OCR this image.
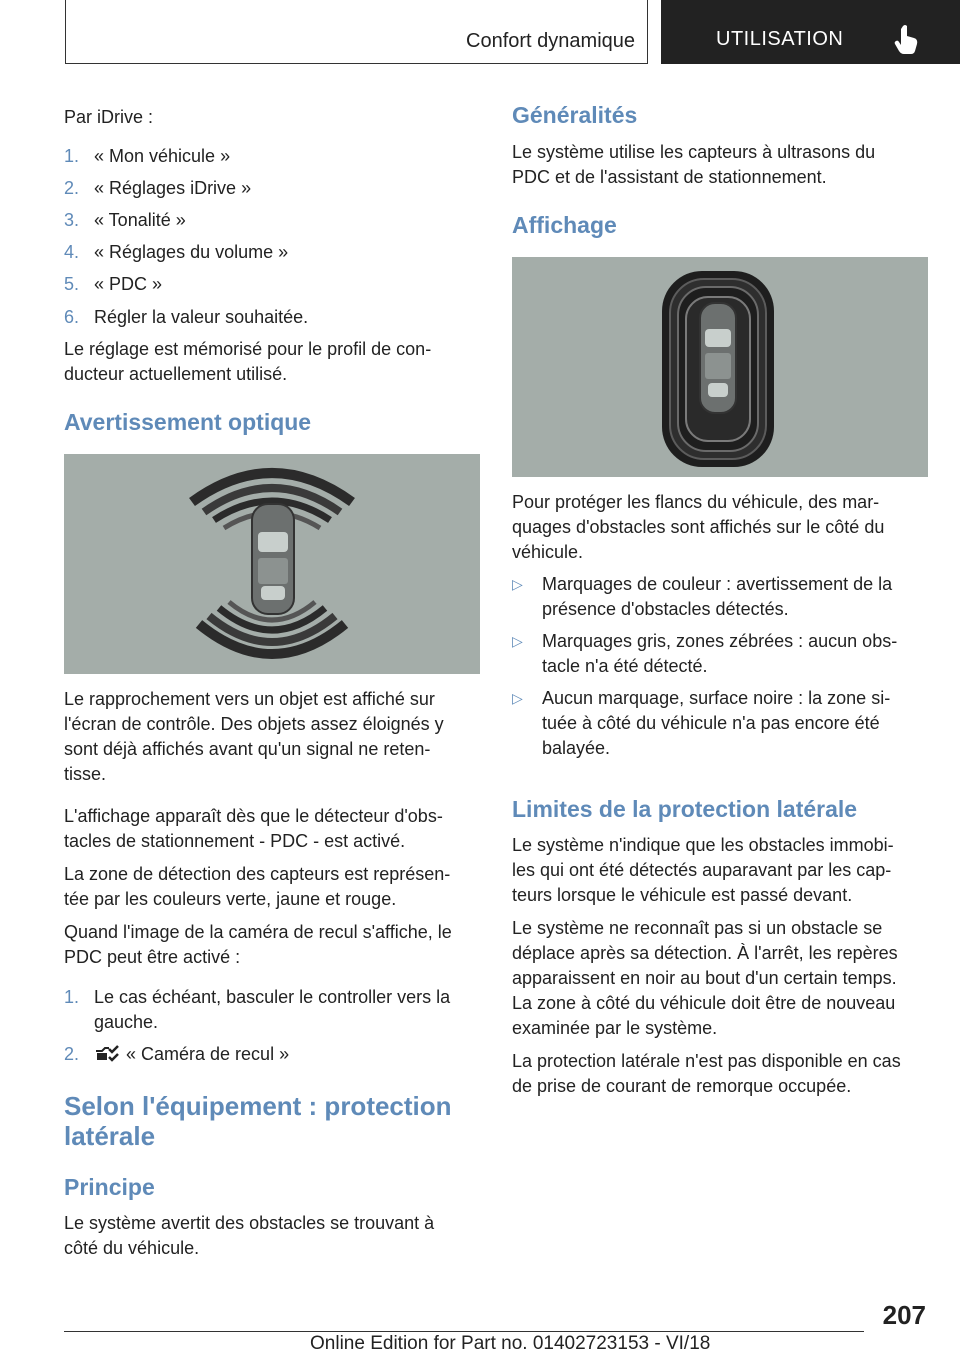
Confort dynamique	UTILISATION

Par iDrive :

1. « Mon véhicule »
2. « Réglages iDrive »
3. « Tonalité »
4. « Réglages du volume »
5. « PDC »
6. Régler la valeur souhaitée.

Le réglage est mémorisé pour le profil de con‐

ducteur actuellement utilisé.

Avertissement optique

Le rapprochement vers un objet est affiché sur

l'écran de contrôle. Des objets assez éloignés y

sont déjà affichés avant qu'un signal ne reten‐

tisse.

L'affichage apparaît dès que le détecteur d'obs‐

tacles de stationnement - PDC - est activé.

La zone de détection des capteurs est représen‐

tée par les couleurs verte, jaune et rouge.

Quand l'image de la caméra de recul s'affiche, le

PDC peut être activé :

1. Le cas échéant, basculer le controller vers la
gauche.
2.	« Caméra de recul »
Selon l'équipement : protection
latérale
Principe

Le système avertit des obstacles se trouvant à

côté du véhicule.

Généralités

Le système utilise les capteurs à ultrasons du

PDC et de l'assistant de stationnement.

Affichage

Pour protéger les flancs du véhicule, des mar‐

quages d'obstacles sont affichés sur le côté du

véhicule.

▷ Marquages de couleur : avertissement de la
présence d'obstacles détectés.
▷ Marquages gris, zones zébrées : aucun obs‐
tacle n'a été détecté.
▷ Aucun marquage, surface noire : la zone si‐
tuée à côté du véhicule n'a pas encore été
balayée.
Limites de la protection latérale

Le système n'indique que les obstacles immobi‐

les qui ont été détectés auparavant par les cap‐

teurs lorsque le véhicule est passé devant.

Le système ne reconnaît pas si un obstacle se

déplace après sa détection. À l'arrêt, les repères

apparaissent en noir au bout d'un certain temps.

La zone à côté du véhicule doit être de nouveau

examinée par le système.

La protection latérale n'est pas disponible en cas

de prise de courant de remorque occupée.

207
Online Edition for Part no. 01402723153 - VI/18
